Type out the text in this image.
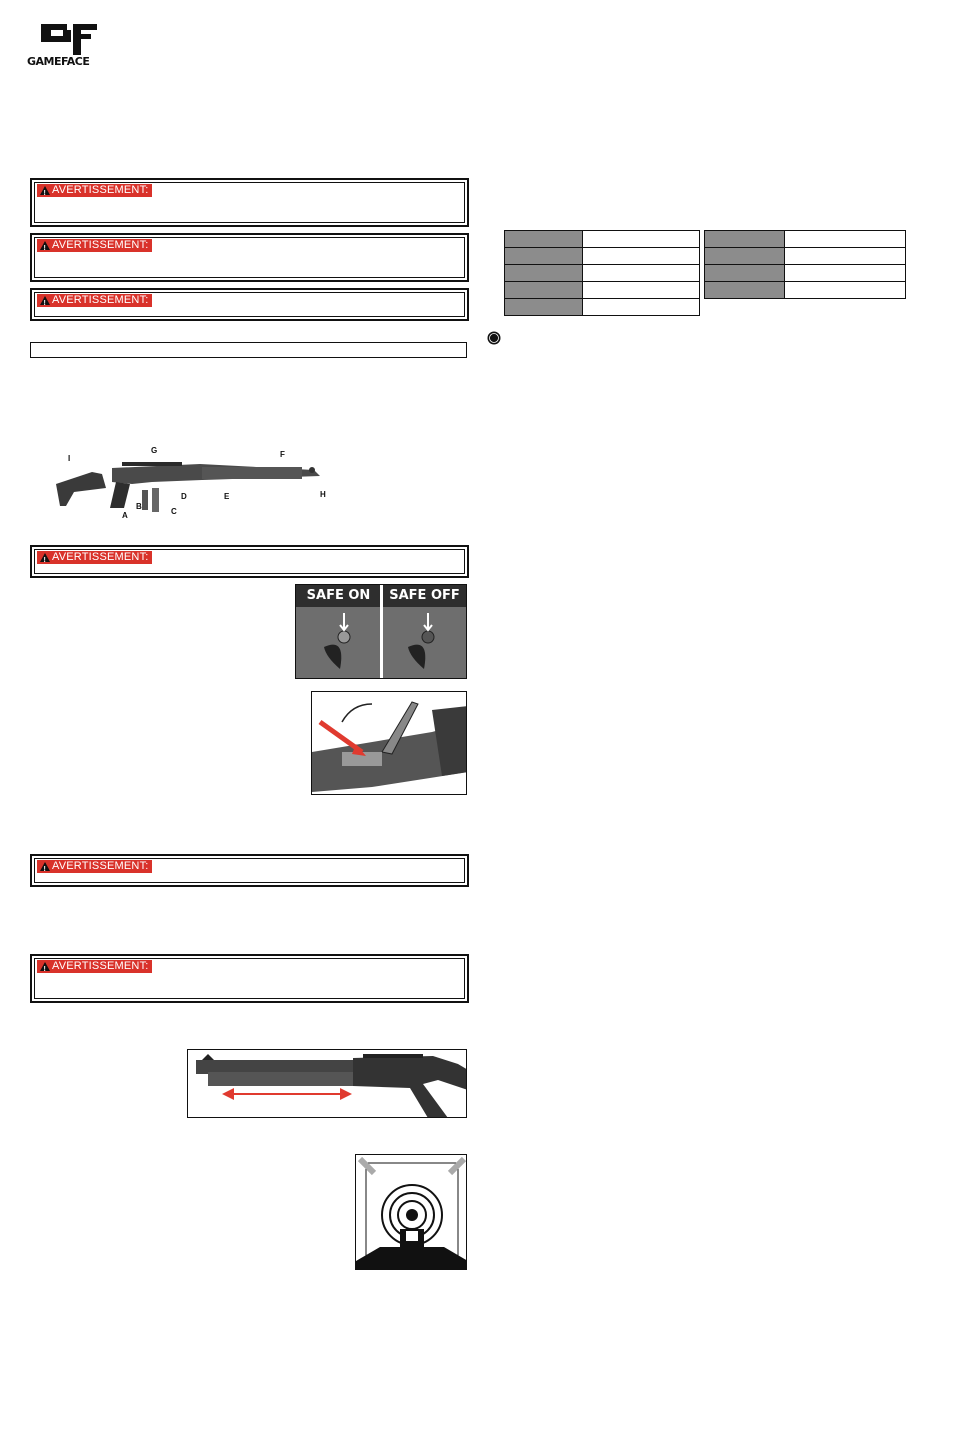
GAMEFACE
!
AVERTISSEMENT:
!
AVERTISSEMENT:
!
AVERTISSEMENT:

I
G	F
H
E
D
B
C
A
!
AVERTISSEMENT:
SAFE ON	SAFE OFF
!
AVERTISSEMENT:
!
AVERTISSEMENT:
